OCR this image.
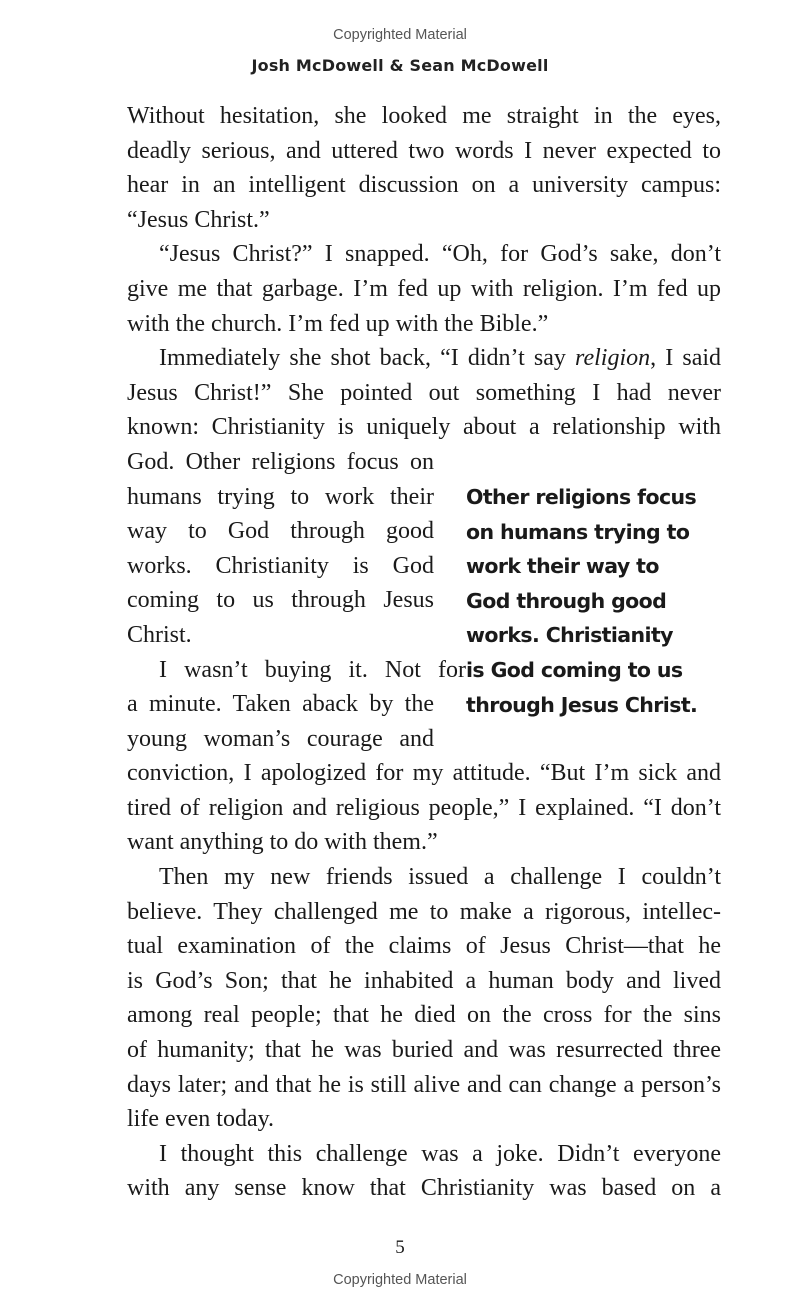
Copyrighted Material
Josh McDowell & Sean McDowell
Without hesitation, she looked me straight in the eyes,
deadly serious, and uttered two words I never expected to
hear in an intelligent discussion on a university campus:
“Jesus Christ.”
“Jesus Christ?” I snapped. “Oh, for God’s sake, don’t
give me that garbage. I’m fed up with religion. I’m fed up
with the church. I’m fed up with the Bible.”
Immediately she shot back, “I didn’t say religion, I said
Jesus Christ!” She pointed out something I had never
known: Christianity is uniquely about a relationship with
God. Other religions focus on
humans trying to work their
way to God through good
works. Christianity is God
coming to us through Jesus
Christ.
I wasn’t buying it. Not for
a minute. Taken aback by the
young woman’s courage and
conviction, I apologized for my attitude. “But I’m sick and
tired of religion and religious people,” I explained. “I don’t
want anything to do with them.”
Then my new friends issued a challenge I couldn’t
believe. They challenged me to make a rigorous, intellec-
tual examination of the claims of Jesus Christ—that he
is God’s Son; that he inhabited a human body and lived
among real people; that he died on the cross for the sins
of humanity; that he was buried and was resurrected three
days later; and that he is still alive and can change a person’s
life even today.
I thought this challenge was a joke. Didn’t everyone
with any sense know that Christianity was based on a
Other religions focus
on humans trying to
work their way to
God through good
works. Christianity
is God coming to us
through Jesus Christ.
5
Copyrighted Material
